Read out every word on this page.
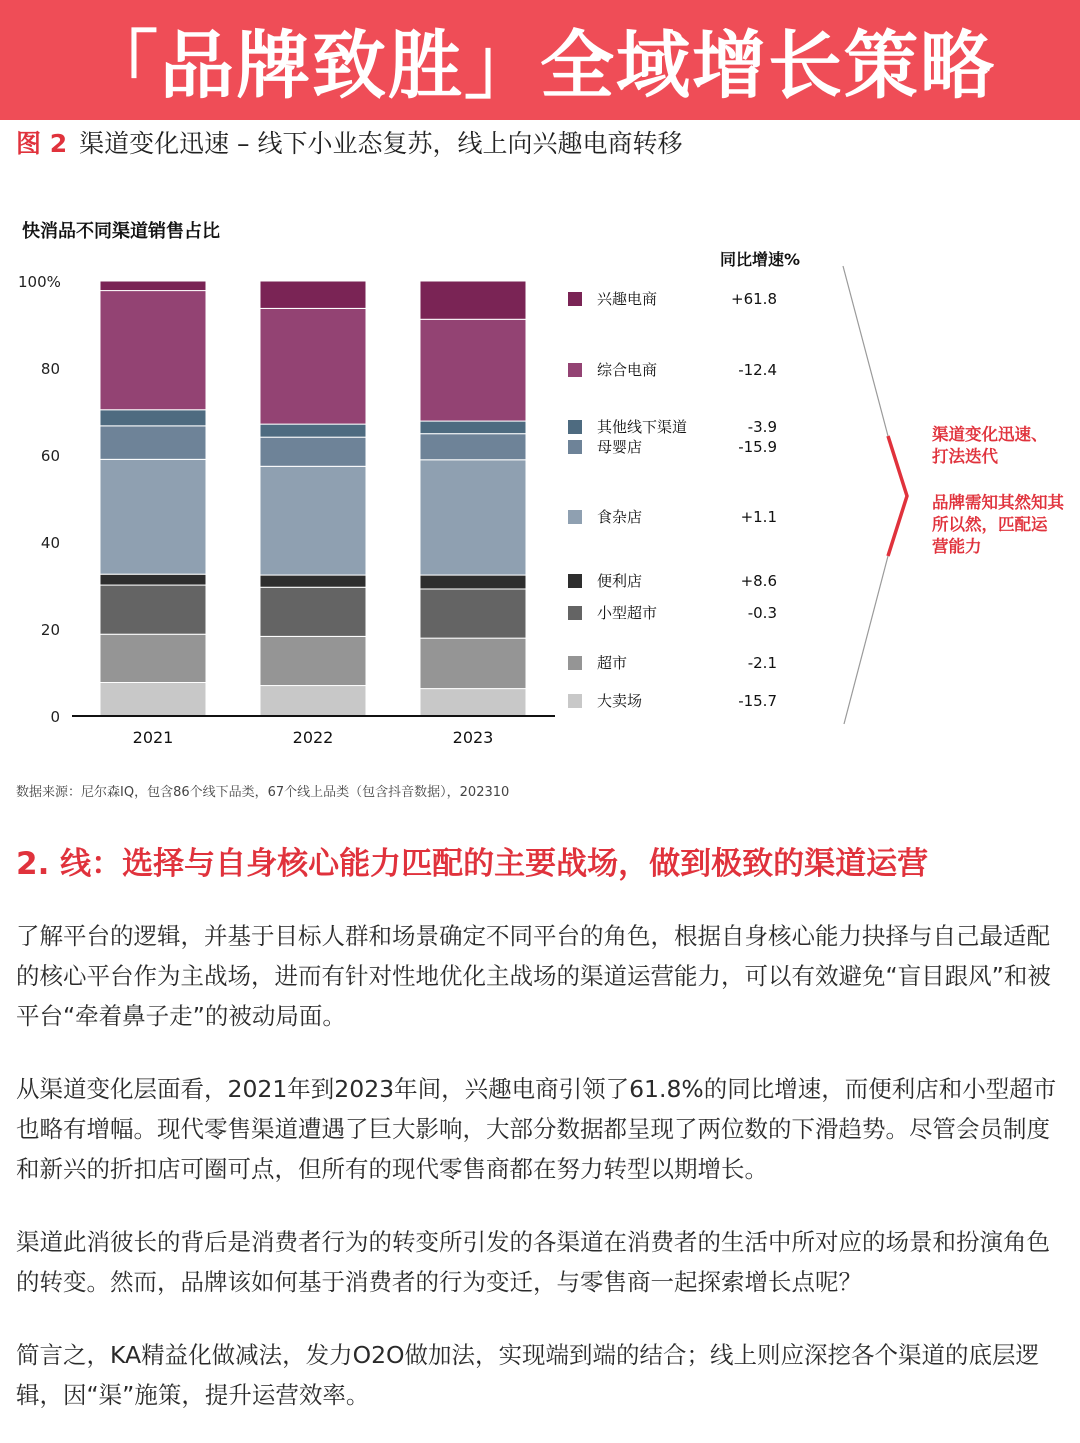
「品牌致胜」全域增长策略
图 2 渠道变化迅速 – 线下小业态复苏，线上向兴趣电商转移
快消品不同渠道销售占比
同比增速%
0
20
40
60
80
100%
2021	2022	2023
大卖场	-15.7
超市	-2.1
小型超市	-0.3
便利店	+8.6
食杂店	+1.1
母婴店	-15.9
其他线下渠道	-3.9
综合电商	-12.4
兴趣电商	+61.8
渠道变化迅速、打法迭代
品牌需知其然知其所以然，匹配运营能力
数据来源：尼尔森IQ，包含86个线下品类，67个线上品类（包含抖音数据），202310
2. 线：选择与自身核心能力匹配的主要战场，做到极致的渠道运营

了解平台的逻辑，并基于目标人群和场景确定不同平台的角色，根据自身核心能力抉择与自己最适配的核心平台作为主战场，进而有针对性地优化主战场的渠道运营能力，可以有效避免“盲目跟风”和被平台“牵着鼻子走”的被动局面。

从渠道变化层面看，2021年到2023年间，兴趣电商引领了61.8%的同比增速，而便利店和小型超市也略有增幅。现代零售渠道遭遇了巨大影响，大部分数据都呈现了两位数的下滑趋势。尽管会员制度和新兴的折扣店可圈可点，但所有的现代零售商都在努力转型以期增长。

渠道此消彼长的背后是消费者行为的转变所引发的各渠道在消费者的生活中所对应的场景和扮演角色的转变。然而，品牌该如何基于消费者的行为变迁，与零售商一起探索增长点呢？

简言之，KA精益化做减法，发力O2O做加法，实现端到端的结合；线上则应深挖各个渠道的底层逻辑，因“渠”施策，提升运营效率。
